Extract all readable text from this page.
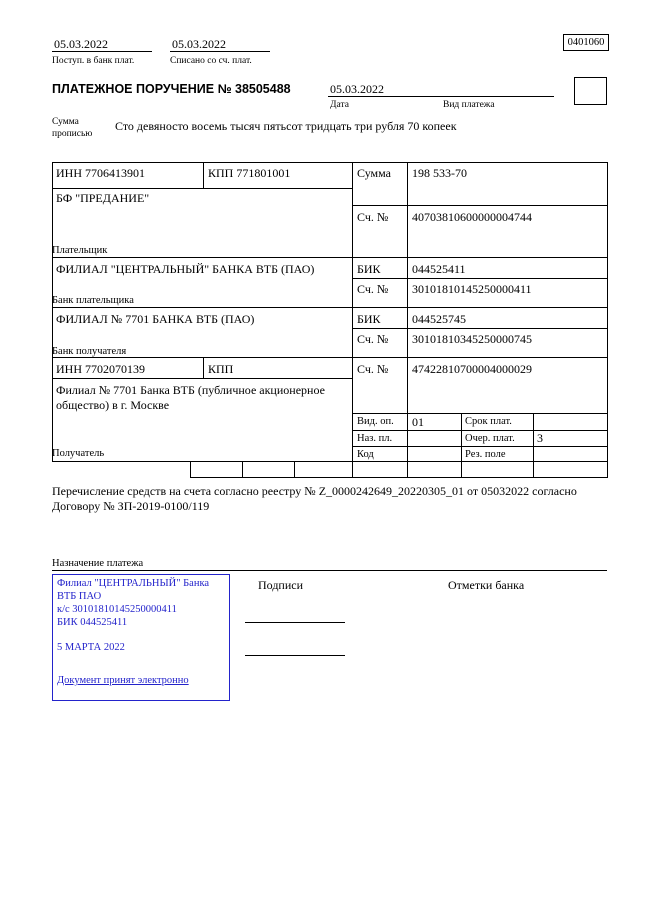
05.03.2022	05.03.2022
Поступ. в банк плат.	Списано со сч. плат.
0401060
ПЛАТЕЖНОЕ ПОРУЧЕНИЕ № 38505488	05.03.2022
Дата	Вид платежа
Сумма
прописью
Сто девяносто восемь тысяч пятьсот тридцать три рубля 70 копеек
ИНН 7706413901	КПП 771801001	Сумма 198 533-70
БФ "ПРЕДАНИЕ"
Сч. № 40703810600000004744
Плательщик
ФИЛИАЛ "ЦЕНТРАЛЬНЫЙ" БАНКА ВТБ (ПАО)	БИК	044525411
Сч. № 30101810145250000411
Банк плательщика
ФИЛИАЛ № 7701 БАНКА ВТБ (ПАО)	БИК	044525745
Сч. № 30101810345250000745
Банк получателя
ИНН 7702070139	КПП	Сч. № 47422810700004000029
Филиал № 7701 Банка ВТБ (публичное акционерное общество) в г. Москве
Получатель
Вид. оп. 01	Срок плат.
Наз. пл.	Очер. плат. 3
Код	Рез. поле
Перечисление средств на счета согласно реестру № Z_0000242649_20220305_01 от 05032022 согласно Договору № ЗП-2019-0100/119
Назначение платежа
Подписи	Отметки банка
Филиал "ЦЕНТРАЛЬНЫЙ" Банка
ВТБ ПАО
к/с 30101810145250000411
БИК 044525411
5 МАРТА 2022
Документ принят электронно
